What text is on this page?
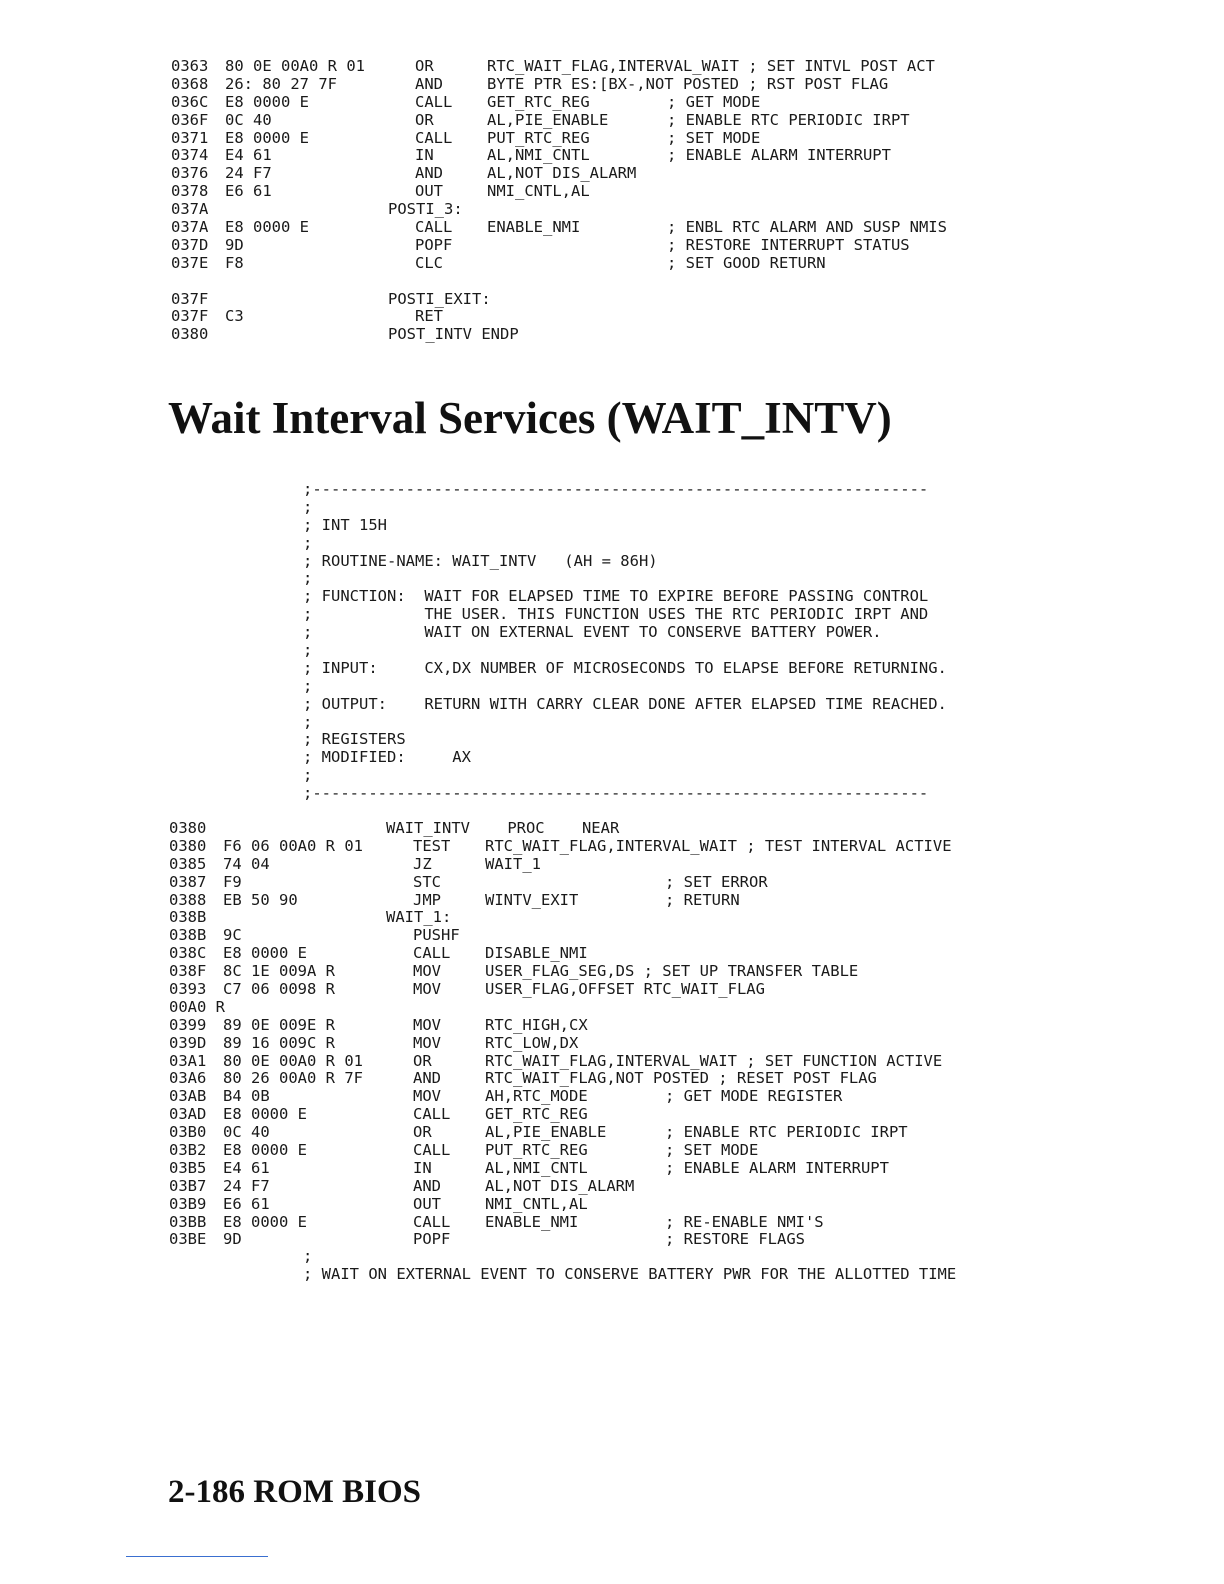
0363 80 0E 00A0 R 01	OR	RTC_WAIT_FLAG,INTERVAL_WAIT ; SET INTVL POST ACT
0368 26: 80 27 7F	AND	BYTE PTR ES:[BX-,NOT POSTED ; RST POST FLAG
036C E8 0000 E	CALL GET_RTC_REG	; GET MODE
036F 0C 40	OR	AL,PIE_ENABLE	; ENABLE RTC PERIODIC IRPT
0371 E8 0000 E	CALL PUT_RTC_REG	; SET MODE
0374 E4 61	IN	AL,NMI_CNTL	; ENABLE ALARM INTERRUPT
0376 24 F7	AND	AL,NOT DIS_ALARM
0378 E6 61	OUT	NMI_CNTL,AL
037A	POSTI_3:
037A E8 0000 E	CALL ENABLE_NMI	; ENBL RTC ALARM AND SUSP NMIS
037D 9D	POPF	; RESTORE INTERRUPT STATUS
037E F8	CLC	; SET GOOD RETURN
037F	POSTI_EXIT:
037F C3	RET
0380	POST_INTV ENDP
Wait Interval Services (WAIT_INTV)
;------------------------------------------------------------------
;
; INT 15H
;
; ROUTINE-NAME: WAIT_INTV   (AH = 86H)
;
; FUNCTION:  WAIT FOR ELAPSED TIME TO EXPIRE BEFORE PASSING CONTROL
;            THE USER. THIS FUNCTION USES THE RTC PERIODIC IRPT AND
;            WAIT ON EXTERNAL EVENT TO CONSERVE BATTERY POWER.
;
; INPUT:     CX,DX NUMBER OF MICROSECONDS TO ELAPSE BEFORE RETURNING.
;
; OUTPUT:    RETURN WITH CARRY CLEAR DONE AFTER ELAPSED TIME REACHED.
;
; REGISTERS
; MODIFIED:     AX
;
;------------------------------------------------------------------
0380	WAIT_INTV    PROC    NEAR
0380 F6 06 00A0 R 01	TEST RTC_WAIT_FLAG,INTERVAL_WAIT ; TEST INTERVAL ACTIVE
0385 74 04	JZ	WAIT_1
0387 F9	STC	; SET ERROR
0388 EB 50 90	JMP	WINTV_EXIT	; RETURN
038B	WAIT_1:
038B 9C	PUSHF
038C E8 0000 E	CALL DISABLE_NMI
038F 8C 1E 009A R	MOV	USER_FLAG_SEG,DS ; SET UP TRANSFER TABLE
0393 C7 06 0098 R	MOV	USER_FLAG,OFFSET RTC_WAIT_FLAG
00A0 R
0399 89 0E 009E R	MOV	RTC_HIGH,CX
039D 89 16 009C R	MOV	RTC_LOW,DX
03A1 80 0E 00A0 R 01	OR	RTC_WAIT_FLAG,INTERVAL_WAIT ; SET FUNCTION ACTIVE
03A6 80 26 00A0 R 7F	AND	RTC_WAIT_FLAG,NOT POSTED ; RESET POST FLAG
03AB B4 0B	MOV	AH,RTC_MODE	; GET MODE REGISTER
03AD E8 0000 E	CALL GET_RTC_REG
03B0 0C 40	OR	AL,PIE_ENABLE	; ENABLE RTC PERIODIC IRPT
03B2 E8 0000 E	CALL PUT_RTC_REG	; SET MODE
03B5 E4 61	IN	AL,NMI_CNTL	; ENABLE ALARM INTERRUPT
03B7 24 F7	AND	AL,NOT DIS_ALARM
03B9 E6 61	OUT	NMI_CNTL,AL
03BB E8 0000 E	CALL ENABLE_NMI	; RE-ENABLE NMI'S
03BE 9D	POPF	; RESTORE FLAGS
;
; WAIT ON EXTERNAL EVENT TO CONSERVE BATTERY PWR FOR THE ALLOTTED TIME

2-186 ROM BIOS
